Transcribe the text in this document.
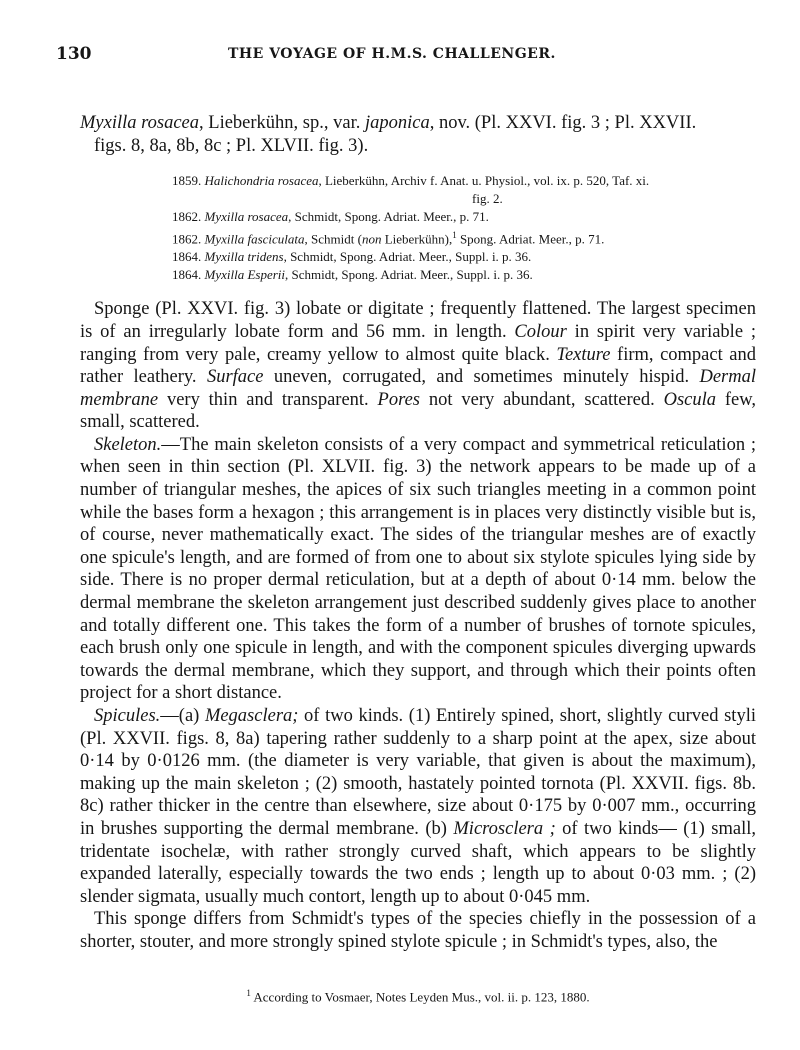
130	THE VOYAGE OF H.M.S. CHALLENGER.

Myxilla rosacea, Lieberkühn, sp., var. japonica, nov. (Pl. XXVI. fig. 3 ; Pl. XXVII.
figs. 8, 8a, 8b, 8c ; Pl. XLVII. fig. 3).

1859. Halichondria rosacea, Lieberkühn, Archiv f. Anat. u. Physiol., vol. ix. p. 520, Taf. xi.
fig. 2.
1862. Myxilla rosacea, Schmidt, Spong. Adriat. Meer., p. 71.
1862. Myxilla fasciculata, Schmidt (non Lieberkühn),$^1$ Spong. Adriat. Meer., p. 71.
1864. Myxilla tridens, Schmidt, Spong. Adriat. Meer., Suppl. i. p. 36.
1864. Myxilla Esperii, Schmidt, Spong. Adriat. Meer., Suppl. i. p. 36.

Sponge (Pl. XXVI. fig. 3) lobate or digitate ; frequently flattened. The largest specimen is of an irregularly lobate form and 56 mm. in length. Colour in spirit very variable ; ranging from very pale, creamy yellow to almost quite black. Texture firm, compact and rather leathery. Surface uneven, corrugated, and sometimes minutely hispid. Dermal membrane very thin and transparent. Pores not very abundant, scattered. Oscula few, small, scattered.

Skeleton.—The main skeleton consists of a very compact and symmetrical reticulation ; when seen in thin section (Pl. XLVII. fig. 3) the network appears to be made up of a number of triangular meshes, the apices of six such triangles meeting in a common point while the bases form a hexagon ; this arrangement is in places very distinctly visible but is, of course, never mathematically exact. The sides of the triangular meshes are of exactly one spicule's length, and are formed of from one to about six stylote spicules lying side by side. There is no proper dermal reticulation, but at a depth of about 0·14 mm. below the dermal membrane the skeleton arrangement just described suddenly gives place to another and totally different one. This takes the form of a number of brushes of tornote spicules, each brush only one spicule in length, and with the component spicules diverging upwards towards the dermal membrane, which they support, and through which their points often project for a short distance.

Spicules.—(a) Megasclera; of two kinds. (1) Entirely spined, short, slightly curved styli (Pl. XXVII. figs. 8, 8a) tapering rather suddenly to a sharp point at the apex, size about 0·14 by 0·0126 mm. (the diameter is very variable, that given is about the maximum), making up the main skeleton ; (2) smooth, hastately pointed tornota (Pl. XXVII. figs. 8b. 8c) rather thicker in the centre than elsewhere, size about 0·175 by 0·007 mm., occurring in brushes supporting the dermal membrane. (b) Microsclera ; of two kinds— (1) small, tridentate isochelæ, with rather strongly curved shaft, which appears to be slightly expanded laterally, especially towards the two ends ; length up to about 0·03 mm. ; (2) slender sigmata, usually much contort, length up to about 0·045 mm.

This sponge differs from Schmidt's types of the species chiefly in the possession of a shorter, stouter, and more strongly spined stylote spicule ; in Schmidt's types, also, the

$^1$ According to Vosmaer, Notes Leyden Mus., vol. ii. p. 123, 1880.
